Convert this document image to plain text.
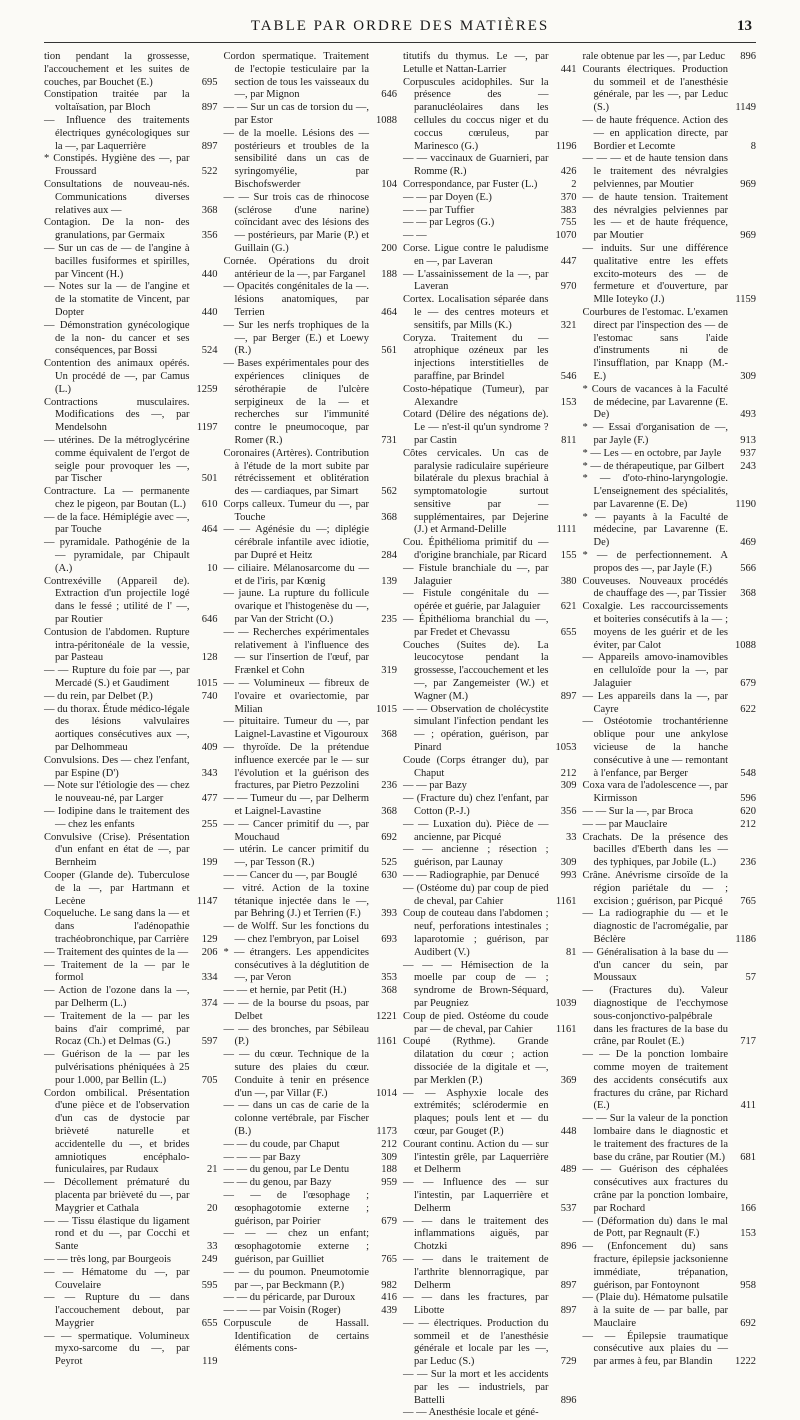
TABLE PAR ORDRE DES MATIÈRES	13

tion pendant la grossesse, l'accouchement et les suites de couches, par Bouchet (E.)	695

Constipation traitée par la voltaïsation, par Bloch	897

— Influence des traitements électriques gynécologiques sur la —, par Laquerrière	897

* Constipés. Hygiène des —, par Froussard	522

Consultations de nouveau-nés. Communications diverses relatives aux —	368

Contagion. De la non- des granulations, par Germaix	356

— Sur un cas de — de l'angine à bacilles fusiformes et spirilles, par Vincent (H.)	440

— Notes sur la — de l'angine et de la stomatite de Vincent, par Dopter	440

— Démonstration gynécologique de la non- du cancer et ses conséquences, par Bossi	524

Contention des animaux opérés. Un procédé de —, par Camus (L.)	1259

Contractions musculaires. Modifications des —, par Mendelsohn	1197

— utérines. De la métroglycérine comme équivalent de l'ergot de seigle pour provoquer les —, par Tischer	501

Contracture. La — permanente chez le pigeon, par Boutan (L.) 610

— de la face. Hémiplégie avec —, par Touche	464

— pyramidale. Pathogénie de la — pyramidale, par Chipault (A.)	10

Contrexéville (Appareil de). Extraction d'un projectile logé dans le fessé ; utilité de l' —, par Routier	646

Contusion de l'abdomen. Rupture intra-péritonéale de la vessie, par Pasteau	128

— — Rupture du foie par —, par Mercadé (S.) et Gaudiment	1015

— du rein, par Delbet (P.)	740

— du thorax. Étude médico-légale des lésions valvulaires aortiques consécutives aux —, par Delhommeau	409

Convulsions. Des — chez l'enfant, par Espine (D')	343

— Note sur l'étiologie des — chez le nouveau-né, par Larger	477

— Iodipine dans le traitement des — chez les enfants	255

Convulsive (Crise). Présentation d'un enfant en état de —, par Bernheim	199

Cooper (Glande de). Tuberculose de la —, par Hartmann et Lecène	1147

Coqueluche. Le sang dans la — et dans l'adénopathie trachéobronchique, par Carrière 129

— Traitement des quintes de la — 206

— Traitement de la — par le formol	334

— Action de l'ozone dans la —, par Delherm (L.)	374

— Traitement de la — par les bains d'air comprimé, par Rocaz (Ch.) et Delmas (G.)	597

— Guérison de la — par les pulvérisations phéniquées à 25 pour 1.000, par Bellin (L.)	705

Cordon ombilical. Présentation d'une pièce et de l'observation d'un cas de dystocie par brièveté naturelle et accidentelle du —, et brides amniotiques encéphalo-funiculaires, par Rudaux	21

— Décollement prématuré du placenta par brièveté du —, par Maygrier et Cathala	20

— — Tissu élastique du ligament rond et du —, par Cocchi et Sante	33

— — très long, par Bourgeois	249

— — Hématome du —, par Couvelaire	595

— — Rupture du — dans l'accouchement debout, par Maygrier	655

— — spermatique. Volumineux myxo-sarcome du —, par Peyrot	119

Cordon spermatique. Traitement de l'ectopie testiculaire par la section de tous les vaisseaux du —, par Mignon	646

— — Sur un cas de torsion du —, par Estor	1088

— de la moelle. Lésions des — postérieurs et troubles de la sensibilité dans un cas de syringomyélie, par Bischofswerder	104

— — Sur trois cas de rhinocose (sclérose d'une narine) coïncidant avec des lésions des — postérieurs, par Marie (P.) et Guillain (G.)	200

Cornée. Opérations du droit antérieur de la —, par Farganel 188

— Opacités congénitales de la —. lésions anatomiques, par Terrien	464

— Sur les nerfs trophiques de la —, par Berger (E.) et Loewy (R.)	561

— Bases expérimentales pour des expériences cliniques de sérothérapie de l'ulcère serpigineux de la — et recherches sur l'immunité contre le pneumocoque, par Romer (R.)	731

Coronaires (Artères). Contribution à l'étude de la mort subite par rétrécissement et oblitération des — cardiaques, par Simart 562

Corps calleux. Tumeur du —, par Touche	368

— — Agénésie du —; diplégie cérébrale infantile avec idiotie, par Dupré et Heitz	284

— ciliaire. Mélanosarcome du — et de l'iris, par Kœnig	139

— jaune. La rupture du follicule ovarique et l'histogenèse du —, par Van der Stricht (O.)	235

— — Recherches expérimentales relativement à l'influence des — sur l'insertion de l'œuf, par Frænkel et Cohn	319

— — Volumineux — fibreux de l'ovaire et ovariectomie, par Milian	1015

— pituitaire. Tumeur du —, par Laignel-Lavastine et Vigouroux 368

— thyroïde. De la prétendue influence exercée par le — sur l'évolution et la guérison des fractures, par Pietro Pezzolini 236

— — Tumeur du —, par Delherm et Laignel-Lavastine	368

— — Cancer primitif du —, par Mouchaud	692

— utérin. Le cancer primitif du —, par Tesson (R.)	525

— — Cancer du —, par Bouglé 630

— vitré. Action de la toxine tétanique injectée dans le —, par Behring (J.) et Terrien (F.) 393

— de Wolff. Sur les fonctions du — chez l'embryon, par Loisel 693

* — étrangers. Les appendicites consécutives à la déglutition de —, par Veron	353

— — et hernie, par Petit (H.)	368

— — de la bourse du psoas, par Delbet	1221

— — des bronches, par Sébileau (P.)	1161

— — du cœur. Technique de la suture des plaies du cœur. Conduite à tenir en présence d'un —, par Villar (F.)	1014

— — dans un cas de carie de la colonne vertébrale, par Fischer (B.)	1173

— — du coude, par Chaput	212

— — — par Bazy	309

— — du genou, par Le Dentu	188

— — du genou, par Bazy	959

— — de l'œsophage ; œsophagotomie externe ; guérison, par Poirier	679

— — — chez un enfant; œsophagotomie externe ; guérison, par Guilliet	765

— — du poumon. Pneumotomie par —, par Beckmann (P.)	982

— — du péricarde, par Duroux 416

— — — par Voisin (Roger)	439

Corpuscule de Hassall. Identification de certains éléments cons-

titutifs du thymus. Le —, par Letulle et Nattan-Larrier	441

Corpuscules acidophiles. Sur la présence des — paranucléolaires dans les cellules du coccus niger et du coccus cœruleus, par Marinesco (G.)	1196

— — vaccinaux de Guarnieri, par Romme (R.)	426

Correspondance, par Fuster (L.)	2

— — par Doyen (E.)	370

— — par Tuffier	383

— — par Legros (G.)	755

— —	1070

Corse. Ligue contre le paludisme en —, par Laveran	447

— L'assainissement de la —, par Laveran	970

Cortex. Localisation séparée dans le — des centres moteurs et sensitifs, par Mills (K.)	321

Coryza. Traitement du — atrophique ozéneux par les injections interstitielles de paraffine, par Brindel	546

Costo-hépatique (Tumeur), par Alexandre	153

Cotard (Délire des négations de). Le — n'est-il qu'un syndrome ? par Castin	811

Côtes cervicales. Un cas de paralysie radiculaire supérieure bilatérale du plexus brachial à symptomatologie surtout sensitive par — supplémentaires, par Dejerine (J.) et Armand-Delille	1111

Cou. Épithélioma primitif du — d'origine branchiale, par Ricard 155

— Fistule branchiale du —, par Jalaguier	380

— Fistule congénitale du — opérée et guérie, par Jalaguier 621

— Épithélioma branchial du —, par Fredet et Chevassu	655

Couches (Suites de). La leucocytose pendant la grossesse, l'accouchement et les —, par Zangemeister (W.) et Wagner (M.)	897

— — Observation de cholécystite simulant l'infection pendant les — ; opération, guérison, par Pinard	1053

Coude (Corps étranger du), par Chaput	212

— — par Bazy	309

— (Fracture du) chez l'enfant, par Cotton (P.-J.)	356

— — Luxation du). Pièce de — ancienne, par Picqué	33

— — ancienne ; résection ; guérison, par Launay	309

— — Radiographie, par Denucé 993

— (Ostéome du) par coup de pied de cheval, par Cahier	1161

Coup de couteau dans l'abdomen ; neuf, perforations intestinales ; laparotomie ; guérison, par Audibert (V.)	81

— — — Hémisection de la moelle par coup de — ; syndrome de Brown-Séquard, par Peugniez	1039

Coup de pied. Ostéome du coude par — de cheval, par Cahier 1161

Coupé (Rythme). Grande dilatation du cœur ; action dissociée de la digitale et —, par Merklen (P.)	369

— — Asphyxie locale des extrémités; sclérodermie en plaques; pouls lent et — du cœur, par Gouget (P.)	448

Courant continu. Action du — sur l'intestin grêle, par Laquerrière et Delherm	489

— — Influence des — sur l'intestin, par Laquerrière et Delherm	537

— — dans le traitement des inflammations aiguës, par Chotzki	896

— — dans le traitement de l'arthrite blennorragique, par Delherm	897

— — dans les fractures, par Libotte	897

— — électriques. Production du sommeil et de l'anesthésie générale et locale par les —, par Leduc (S.)	729

— — Sur la mort et les accidents par les — industriels, par Battelli	896

— — Anesthésie locale et géné-

rale obtenue par les —, par Leduc 896

Courants électriques. Production du sommeil et de l'anesthésie générale, par les —, par Leduc (S.)	1149

— de haute fréquence. Action des — en application directe, par Bordier et Lecomte	8

— — — et de haute tension dans le traitement des névralgies pelviennes, par Moutier	969

— de haute tension. Traitement des névralgies pelviennes par les — et de haute fréquence, par Moutier	969

— induits. Sur une différence qualitative entre les effets excito-moteurs des — de fermeture et d'ouverture, par Mlle Ioteyko (J.)	1159

Courbures de l'estomac. L'examen direct par l'inspection des — de l'estomac sans l'aide d'instruments ni de l'insufflation, par Knapp (M.-E.)	309

* Cours de vacances à la Faculté de médecine, par Lavarenne (E. De)	493

* — Essai d'organisation de —, par Jayle (F.)	913

* — Les — en octobre, par Jayle 937

* — de thérapeutique, par Gilbert 243

* — d'oto-rhino-laryngologie. L'enseignement des spécialités, par Lavarenne (E. De)	1190

* — payants à la Faculté de médecine, par Lavarenne (E. De)	469

* — de perfectionnement. A propos des —, par Jayle (F.)	566

Couveuses. Nouveaux procédés de chauffage des —, par Tissier 368

Coxalgie. Les raccourcissements et boiteries consécutifs à la — ; moyens de les guérir et de les éviter, par Calot	1088

— Appareils amovo-inamovibles en celluloïde pour la —, par Jalaguier	679

— Les appareils dans la —, par Cayre	622

— Ostéotomie trochantérienne oblique pour une ankylose vicieuse de la hanche consécutive à une — remontant à l'enfance, par Berger	548

Coxa vara de l'adolescence —, par Kirmisson	596

— — Sur la —, par Broca	620

— — par Mauclaire	212

Crachats. De la présence des bacilles d'Eberth dans les — des typhiques, par Jobile (L.) 236

Crâne. Anévrisme cirsoïde de la région pariétale du — ; excision ; guérison, par Picqué 765

— La radiographie du — et le diagnostic de l'acromégalie, par Béclère	1186

— Généralisation à la base du — d'un cancer du sein, par Moussaux	57

— (Fractures du). Valeur diagnostique de l'ecchymose sous-conjonctivo-palpébrale dans les fractures de la base du crâne, par Roulet (E.)	717

— — De la ponction lombaire comme moyen de traitement des accidents consécutifs aux fractures du crâne, par Richard (E.)	411

— — Sur la valeur de la ponction lombaire dans le diagnostic et le traitement des fractures de la base du crâne, par Routier (M.) 681

— — Guérison des céphalées consécutives aux fractures du crâne par la ponction lombaire, par Rochard	166

— (Déformation du) dans le mal de Pott, par Regnault (F.)	153

— (Enfoncement du) sans fracture, épilepsie jacksonienne immédiate, trépanation, guérison, par Fontoynont	958

— (Plaie du). Hématome pulsatile à la suite de — par balle, par Mauclaire	692

— — Épilepsie traumatique consécutive aux plaies du — par armes à feu, par Blandin 1222
